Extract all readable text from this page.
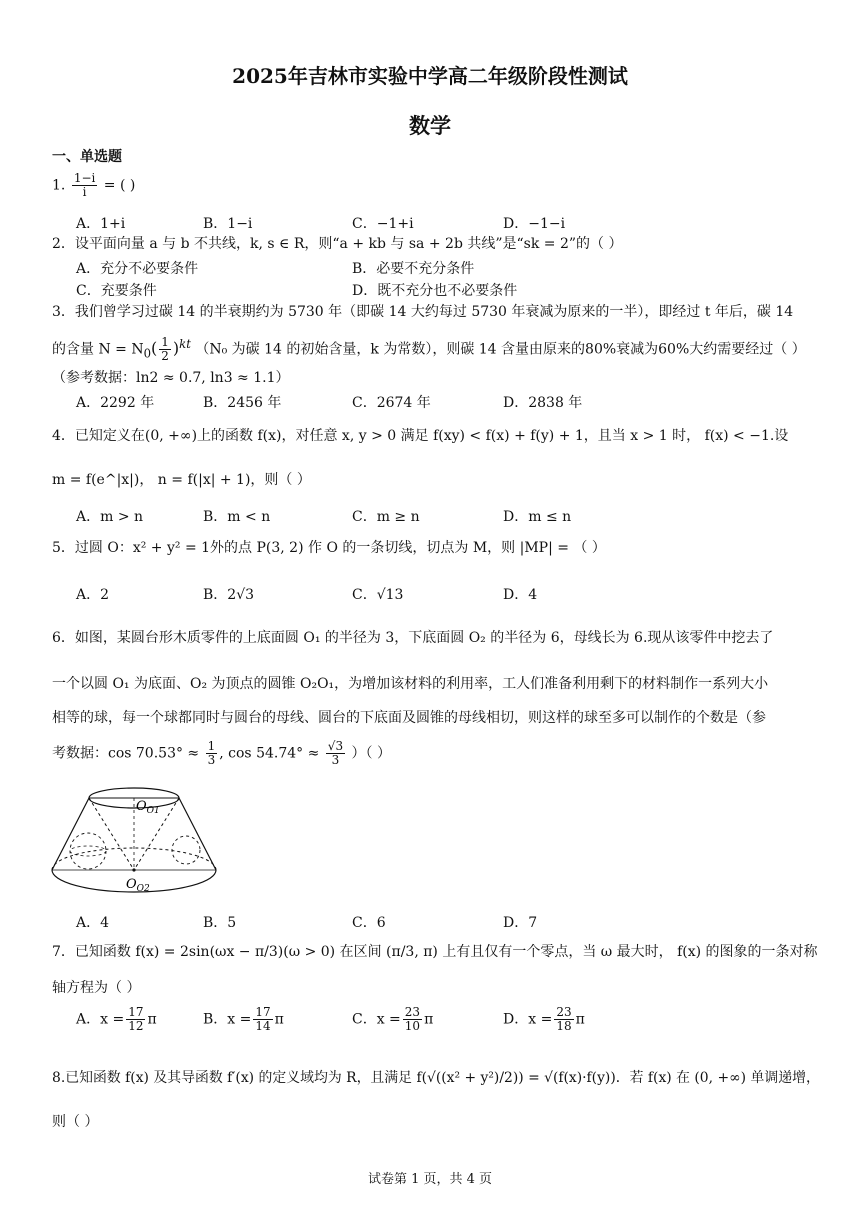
2025年吉林市实验中学高二年级阶段性测试
数学
一、单选题
1. $\frac{1-i}{i}$ = ( )
A．1+i	B．1−i	C．−1+i	D．−1−i
2．设平面向量 a 与 b 不共线，k, s ∈ R，则“a + kb 与 sa + 2b 共线”是“sk = 2”的（ ）
A．充分不必要条件	B．必要不充分条件
C．充要条件	D．既不充分也不必要条件
3．我们曾学习过碳 14 的半衰期约为 5730 年（即碳 14 大约每过 5730 年衰减为原来的一半），即经过 t 年后，碳 14
的含量 $N = N_0( \frac{1}{2} )^{kt}$ （N₀ 为碳 14 的初始含量，k 为常数），则碳 14 含量由原来的80%衰减为60%大约需要经过（ ）
（参考数据：ln2 ≈ 0.7, ln3 ≈ 1.1）
A．2292 年	B．2456 年	C．2674 年	D．2838 年
4．已知定义在(0, +∞)上的函数 f(x)，对任意 x, y > 0 满足 f(xy) < f(x) + f(y) + 1，且当 x > 1 时， f(x) < −1.设
m = f(e^|x|)， n = f(|x| + 1)，则（ ）
A．m > n	B．m < n	C．m ≥ n	D．m ≤ n
5．过圆 O：x² + y² = 1外的点 P(3, 2) 作 O 的一条切线，切点为 M，则 |MP| = （ ）
A．2	B．2√3	C．√13	D．4
6．如图，某圆台形木质零件的上底面圆 O₁ 的半径为 3，下底面圆 O₂ 的半径为 6，母线长为 6.现从该零件中挖去了
一个以圆 O₁ 为底面、O₂ 为顶点的圆锥 O₂O₁，为增加该材料的利用率，工人们准备利用剩下的材料制作一系列大小
相等的球，每一个球都同时与圆台的母线、圆台的下底面及圆锥的母线相切，则这样的球至多可以制作的个数是（参
考数据：$\cos 70.53^\circ \approx \frac{1}{3}$ , $\cos 54.74^\circ \approx \frac{√3}{3}$ ）（ ）
$O_{O1}$
$O_{O2}$
A．4	B．5	C．6	D．7
7．已知函数 f(x) = 2sin(ωx − π/3)(ω > 0) 在区间 (π/3, π) 上有且仅有一个零点，当 ω 最大时， f(x) 的图象的一条对称
轴方程为（ ）
A．$x = \frac{17}{12}$ π	B．$x = \frac{17}{14}$ π	C．$x = \frac{23}{10}$ π	D．$x = \frac{23}{18}$ π
8.已知函数 f(x) 及其导函数 f′(x) 的定义域均为 R，且满足 f(√((x² + y²)/2)) = √(f(x)·f(y))．若 f(x) 在 (0, +∞) 单调递增，
则（ ）
试卷第 1 页，共 4 页
